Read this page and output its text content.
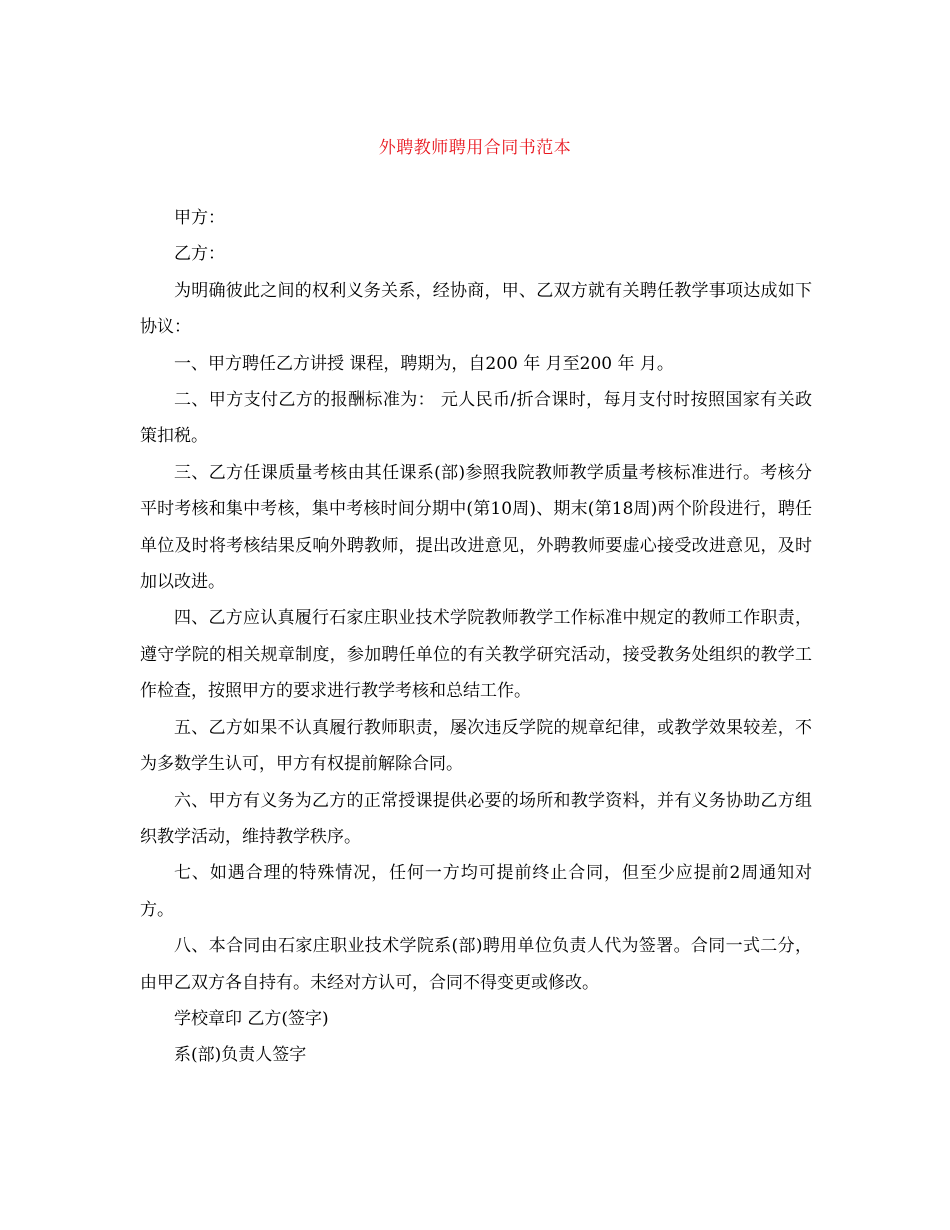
外聘教师聘用合同书范本

甲方：

乙方：

为明确彼此之间的权利义务关系，经协商，甲、乙双方就有关聘任教学事项达成如下协议：

一、甲方聘任乙方讲授 课程，聘期为，自200 年 月至200 年 月。

二、甲方支付乙方的报酬标准为： 元人民币/折合课时，每月支付时按照国家有关政策扣税。

三、乙方任课质量考核由其任课系(部)参照我院教师教学质量考核标准进行。考核分平时考核和集中考核，集中考核时间分期中(第10周)、期末(第18周)两个阶段进行，聘任单位及时将考核结果反响外聘教师，提出改进意见，外聘教师要虚心接受改进意见，及时加以改进。

四、乙方应认真履行石家庄职业技术学院教师教学工作标准中规定的教师工作职责，遵守学院的相关规章制度，参加聘任单位的有关教学研究活动，接受教务处组织的教学工作检查，按照甲方的要求进行教学考核和总结工作。

五、乙方如果不认真履行教师职责，屡次违反学院的规章纪律，或教学效果较差，不为多数学生认可，甲方有权提前解除合同。

六、甲方有义务为乙方的正常授课提供必要的场所和教学资料，并有义务协助乙方组织教学活动，维持教学秩序。

七、如遇合理的特殊情况，任何一方均可提前终止合同，但至少应提前2周通知对方。

八、本合同由石家庄职业技术学院系(部)聘用单位负责人代为签署。合同一式二分，由甲乙双方各自持有。未经对方认可，合同不得变更或修改。

学校章印 乙方(签字)

系(部)负责人签字
